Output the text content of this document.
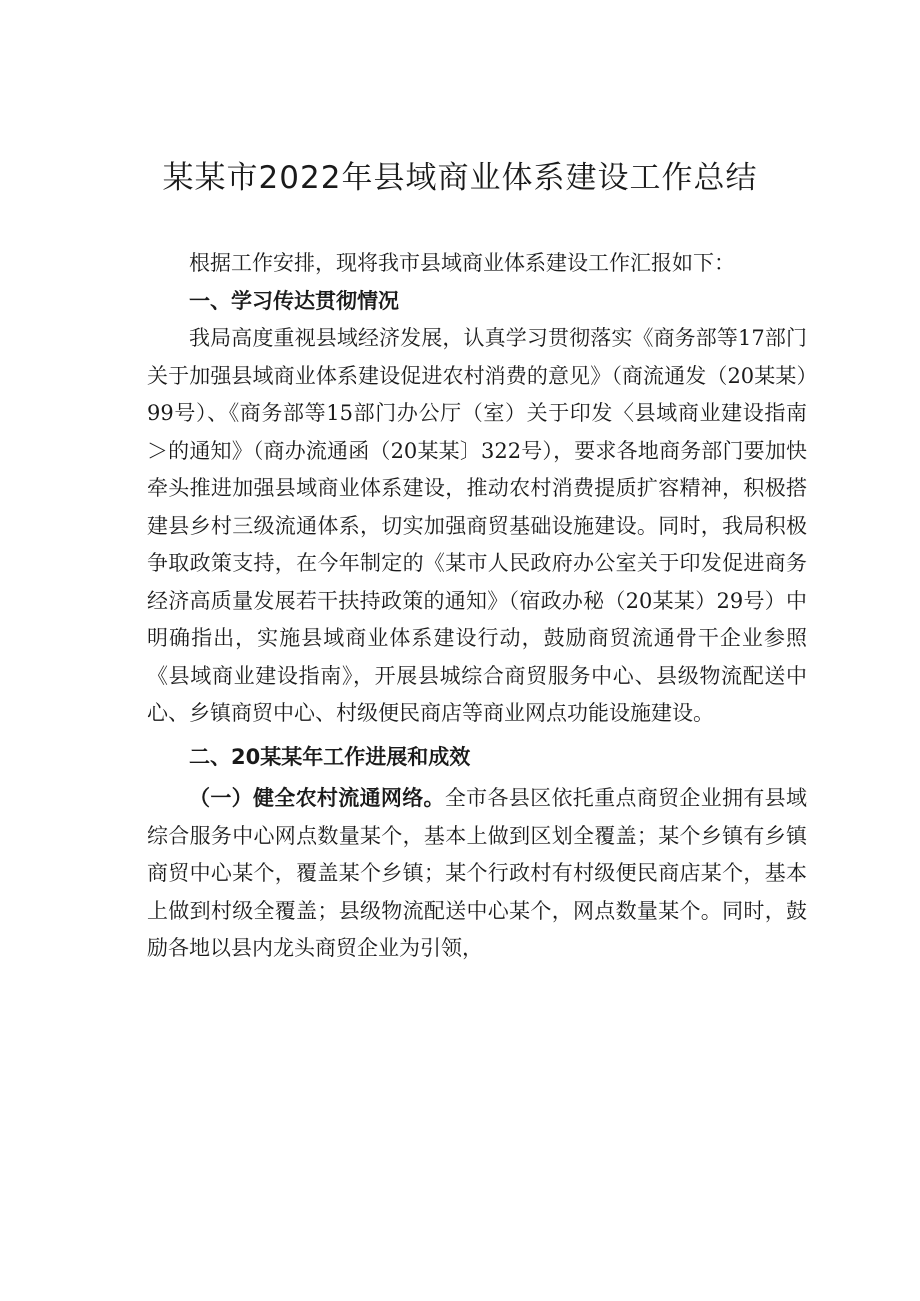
某某市2022年县域商业体系建设工作总结

根据工作安排，现将我市县域商业体系建设工作汇报如下：

一、学习传达贯彻情况

我局高度重视县域经济发展，认真学习贯彻落实《商务部等17部门关于加强县域商业体系建设促进农村消费的意见》（商流通发（20某某）99号）、《商务部等15部门办公厅（室）关于印发〈县域商业建设指南＞的通知》（商办流通函（20某某〕322号），要求各地商务部门要加快牵头推进加强县域商业体系建设，推动农村消费提质扩容精神，积极搭建县乡村三级流通体系，切实加强商贸基础设施建设。同时，我局积极争取政策支持，在今年制定的《某市人民政府办公室关于印发促进商务经济高质量发展若干扶持政策的通知》（宿政办秘（20某某）29号）中明确指出，实施县域商业体系建设行动，鼓励商贸流通骨干企业参照《县域商业建设指南》，开展县城综合商贸服务中心、县级物流配送中心、乡镇商贸中心、村级便民商店等商业网点功能设施建设。

二、20某某年工作进展和成效

（一）健全农村流通网络。全市各县区依托重点商贸企业拥有县域综合服务中心网点数量某个，基本上做到区划全覆盖；某个乡镇有乡镇商贸中心某个，覆盖某个乡镇；某个行政村有村级便民商店某个，基本上做到村级全覆盖；县级物流配送中心某个，网点数量某个。同时，鼓励各地以县内龙头商贸企业为引领，
